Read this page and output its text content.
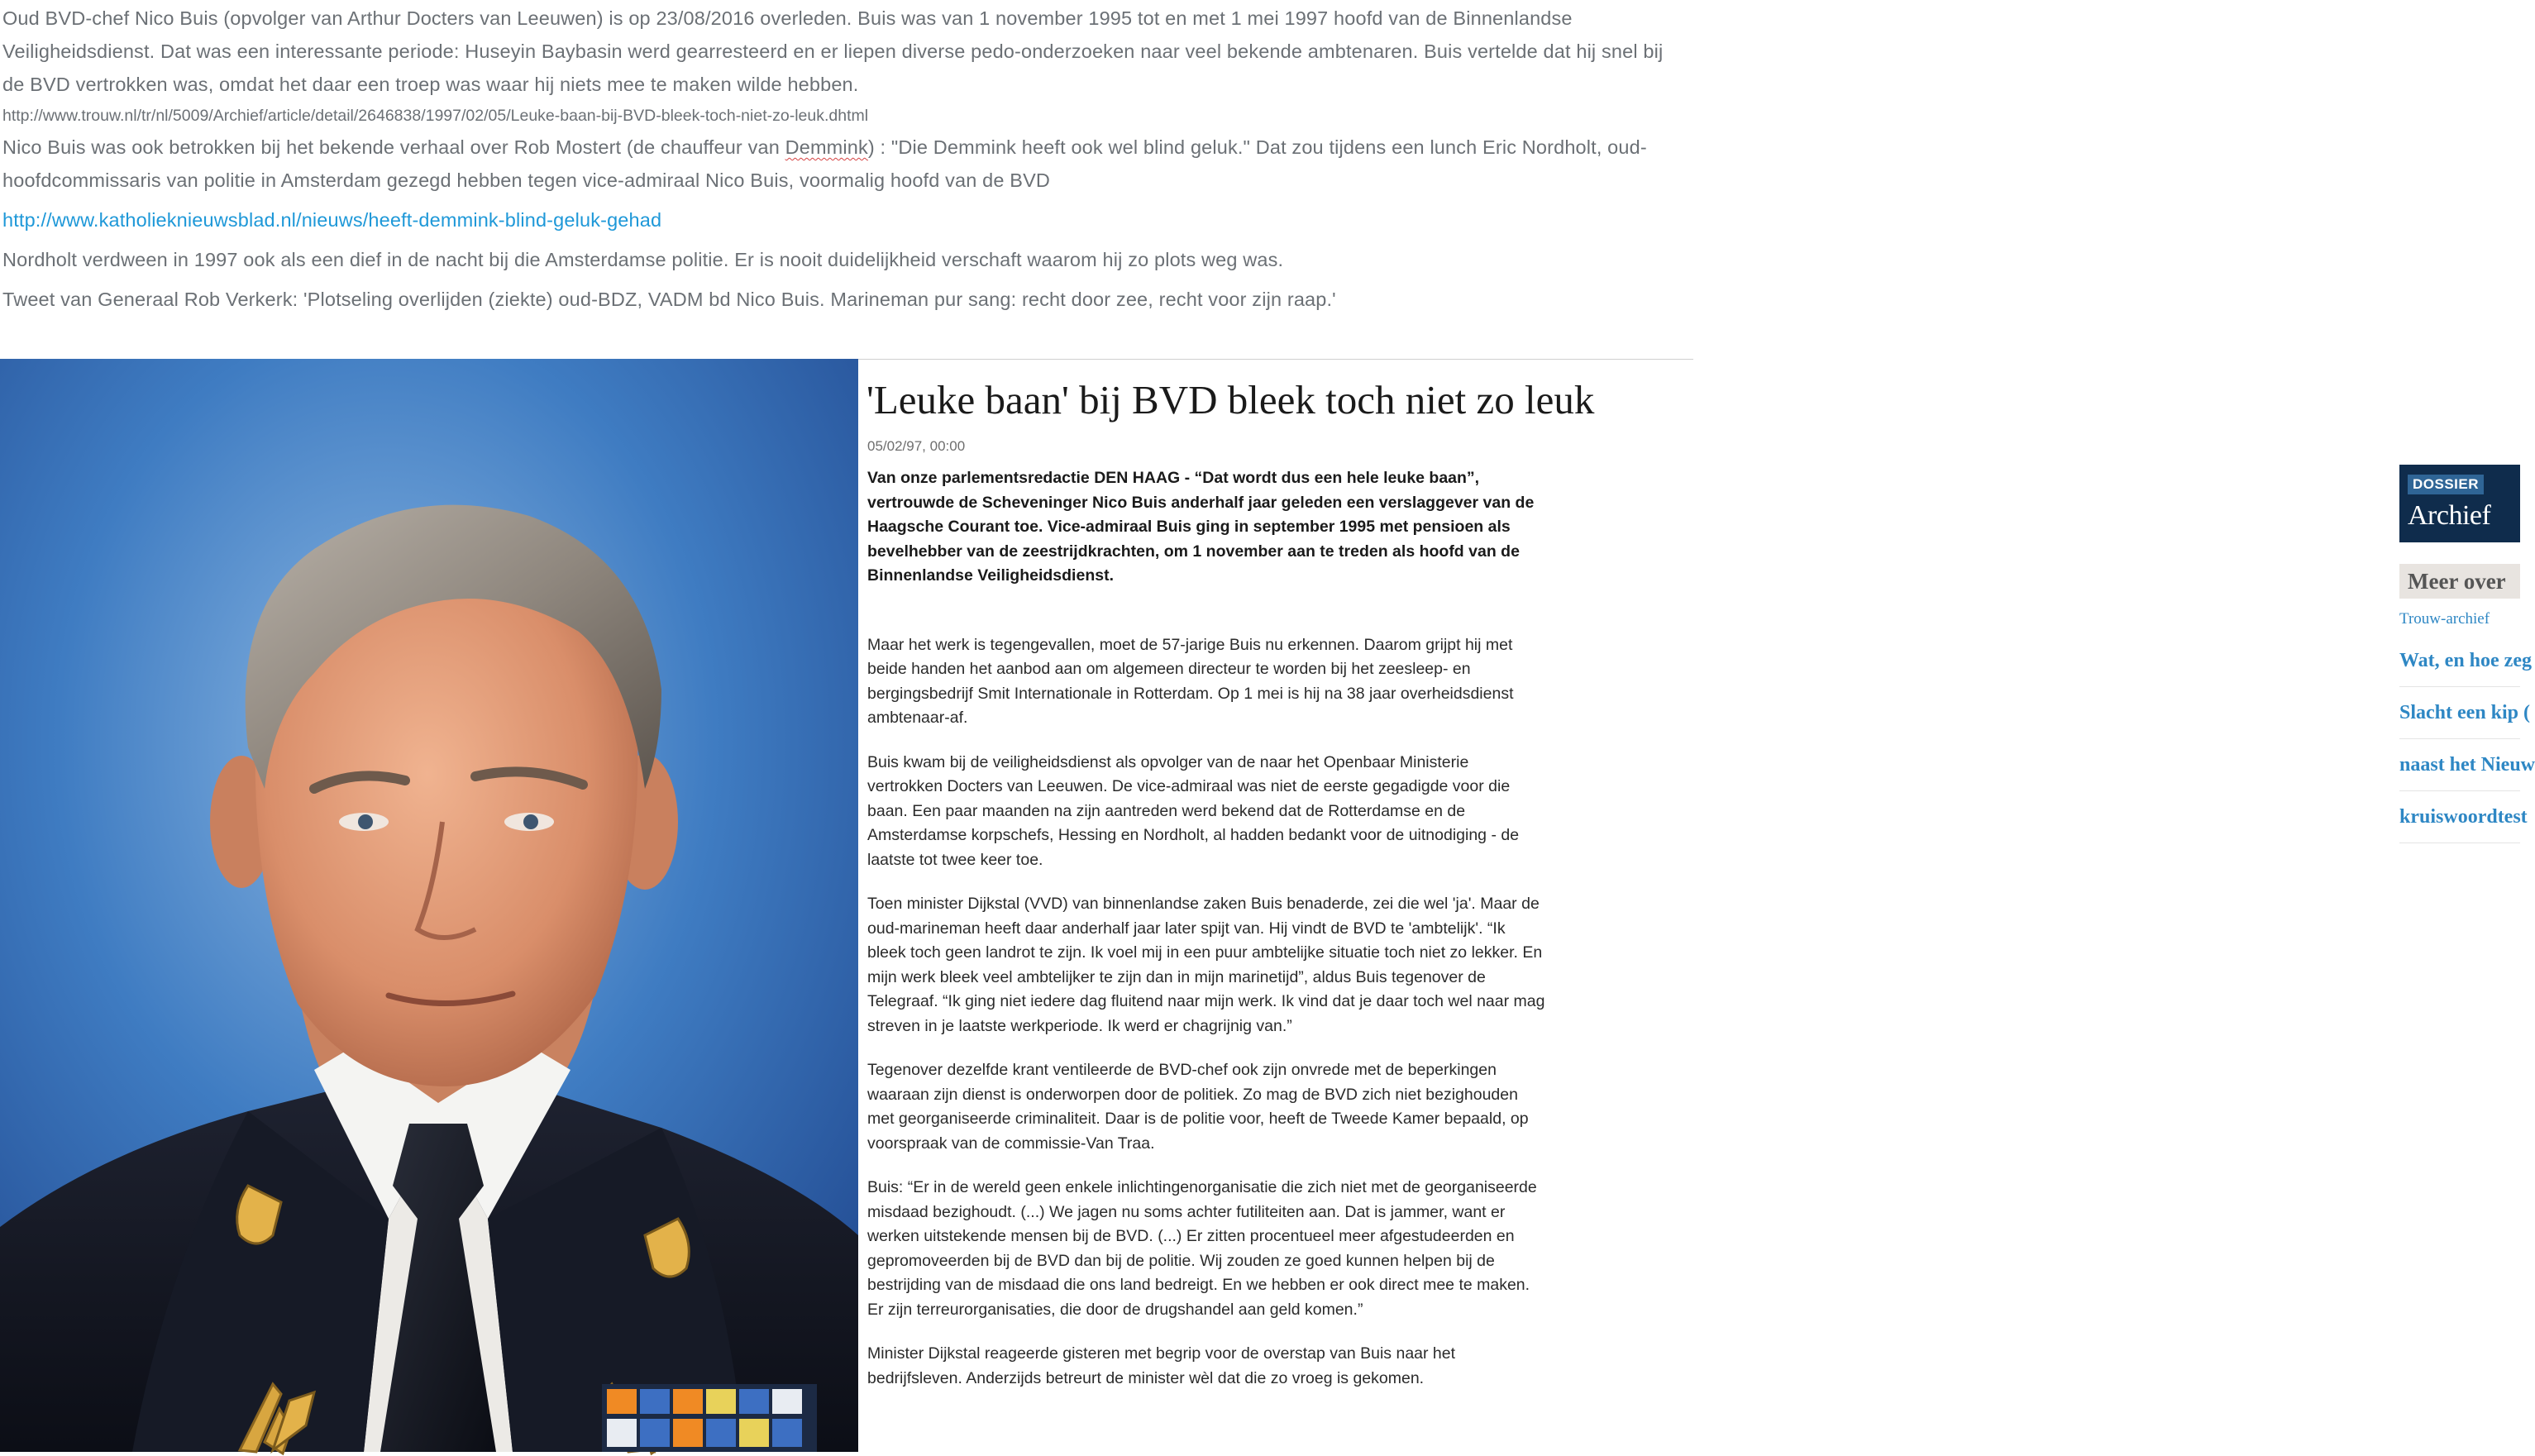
Oud BVD-chef Nico Buis (opvolger van Arthur Docters van Leeuwen) is op 23/08/2016 overleden. Buis was van 1 november 1995 tot en met 1 mei 1997 hoofd van de Binnenlandse Veiligheidsdienst. Dat was een interessante periode: Huseyin Baybasin werd gearresteerd en er liepen diverse pedo-onderzoeken naar veel bekende ambtenaren. Buis vertelde dat hij snel bij de BVD vertrokken was, omdat het daar een troep was waar hij niets mee te maken wilde hebben.

http://www.trouw.nl/tr/nl/5009/Archief/article/detail/2646838/1997/02/05/Leuke-baan-bij-BVD-bleek-toch-niet-zo-leuk.dhtml

Nico Buis was ook betrokken bij het bekende verhaal over Rob Mostert (de chauffeur van Demmink) : "Die Demmink heeft ook wel blind geluk." Dat zou tijdens een lunch Eric Nordholt, oud-hoofdcommissaris van politie in Amsterdam gezegd hebben tegen vice-admiraal Nico Buis, voormalig hoofd van de BVD

http://www.katholieknieuwsblad.nl/nieuws/heeft-demmink-blind-geluk-gehad

Nordholt verdween in 1997 ook als een dief in de nacht bij die Amsterdamse politie. Er is nooit duidelijkheid verschaft waarom hij zo plots weg was.

Tweet van Generaal Rob Verkerk: 'Plotseling overlijden (ziekte) oud-BDZ, VADM bd Nico Buis. Marineman pur sang: recht door zee, recht voor zijn raap.'

'Leuke baan' bij BVD bleek toch niet zo leuk
05/02/97, 00:00

Van onze parlementsredactie DEN HAAG - “Dat wordt dus een hele leuke baan”, vertrouwde de Scheveninger Nico Buis anderhalf jaar geleden een verslaggever van de Haagsche Courant toe. Vice-admiraal Buis ging in september 1995 met pensioen als bevelhebber van de zeestrijdkrachten, om 1 november aan te treden als hoofd van de Binnenlandse Veiligheidsdienst.

Maar het werk is tegengevallen, moet de 57-jarige Buis nu erkennen. Daarom grijpt hij met beide handen het aanbod aan om algemeen directeur te worden bij het zeesleep- en bergingsbedrijf Smit Internationale in Rotterdam. Op 1 mei is hij na 38 jaar overheidsdienst ambtenaar-af.

Buis kwam bij de veiligheidsdienst als opvolger van de naar het Openbaar Ministerie vertrokken Docters van Leeuwen. De vice-admiraal was niet de eerste gegadigde voor die baan. Een paar maanden na zijn aantreden werd bekend dat de Rotterdamse en de Amsterdamse korpschefs, Hessing en Nordholt, al hadden bedankt voor de uitnodiging - de laatste tot twee keer toe.

Toen minister Dijkstal (VVD) van binnenlandse zaken Buis benaderde, zei die wel 'ja'. Maar de oud-marineman heeft daar anderhalf jaar later spijt van. Hij vindt de BVD te 'ambtelijk'. “Ik bleek toch geen landrot te zijn. Ik voel mij in een puur ambtelijke situatie toch niet zo lekker. En mijn werk bleek veel ambtelijker te zijn dan in mijn marinetijd”, aldus Buis tegenover de Telegraaf. “Ik ging niet iedere dag fluitend naar mijn werk. Ik vind dat je daar toch wel naar mag streven in je laatste werkperiode. Ik werd er chagrijnig van.”

Tegenover dezelfde krant ventileerde de BVD-chef ook zijn onvrede met de beperkingen waaraan zijn dienst is onderworpen door de politiek. Zo mag de BVD zich niet bezighouden met georganiseerde criminaliteit. Daar is de politie voor, heeft de Tweede Kamer bepaald, op voorspraak van de commissie-Van Traa.

Buis: “Er in de wereld geen enkele inlichtingenorganisatie die zich niet met de georganiseerde misdaad bezighoudt. (...) We jagen nu soms achter futiliteiten aan. Dat is jammer, want er werken uitstekende mensen bij de BVD. (...) Er zitten procentueel meer afgestudeerden en gepromoveerden bij de BVD dan bij de politie. Wij zouden ze goed kunnen helpen bij de bestrijding van de misdaad die ons land bedreigt. En we hebben er ook direct mee te maken. Er zijn terreurorganisaties, die door de drugshandel aan geld komen.”

Minister Dijkstal reageerde gisteren met begrip voor de overstap van Buis naar het bedrijfsleven. Anderzijds betreurt de minister wèl dat die zo vroeg is gekomen.

DOSSIER
Archief
Meer over
Trouw-archief
Wat, en hoe zeg
Slacht een kip (
naast het Nieuw
kruiswoordtest
